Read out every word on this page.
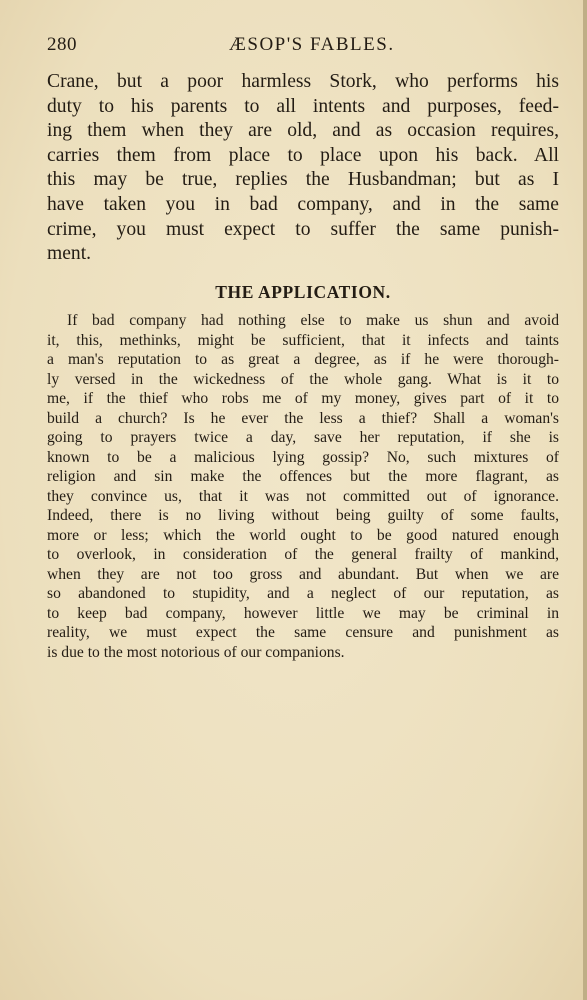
280	ÆSOP'S FABLES.
Crane, but a poor harmless Stork, who performs his
duty to his parents to all intents and purposes, feed-
ing them when they are old, and as occasion requires,
carries them from place to place upon his back. All
this may be true, replies the Husbandman; but as I
have taken you in bad company, and in the same
crime, you must expect to suffer the same punish-
ment.
THE APPLICATION.
If bad company had nothing else to make us shun and avoid
it, this, methinks, might be sufficient, that it infects and taints
a man's reputation to as great a degree, as if he were thorough-
ly versed in the wickedness of the whole gang. What is it to
me, if the thief who robs me of my money, gives part of it to
build a church? Is he ever the less a thief? Shall a woman's
going to prayers twice a day, save her reputation, if she is
known to be a malicious lying gossip? No, such mixtures of
religion and sin make the offences but the more flagrant, as
they convince us, that it was not committed out of ignorance.
Indeed, there is no living without being guilty of some faults,
more or less; which the world ought to be good natured enough
to overlook, in consideration of the general frailty of mankind,
when they are not too gross and abundant. But when we are
so abandoned to stupidity, and a neglect of our reputation, as
to keep bad company, however little we may be criminal in
reality, we must expect the same censure and punishment as
is due to the most notorious of our companions.
